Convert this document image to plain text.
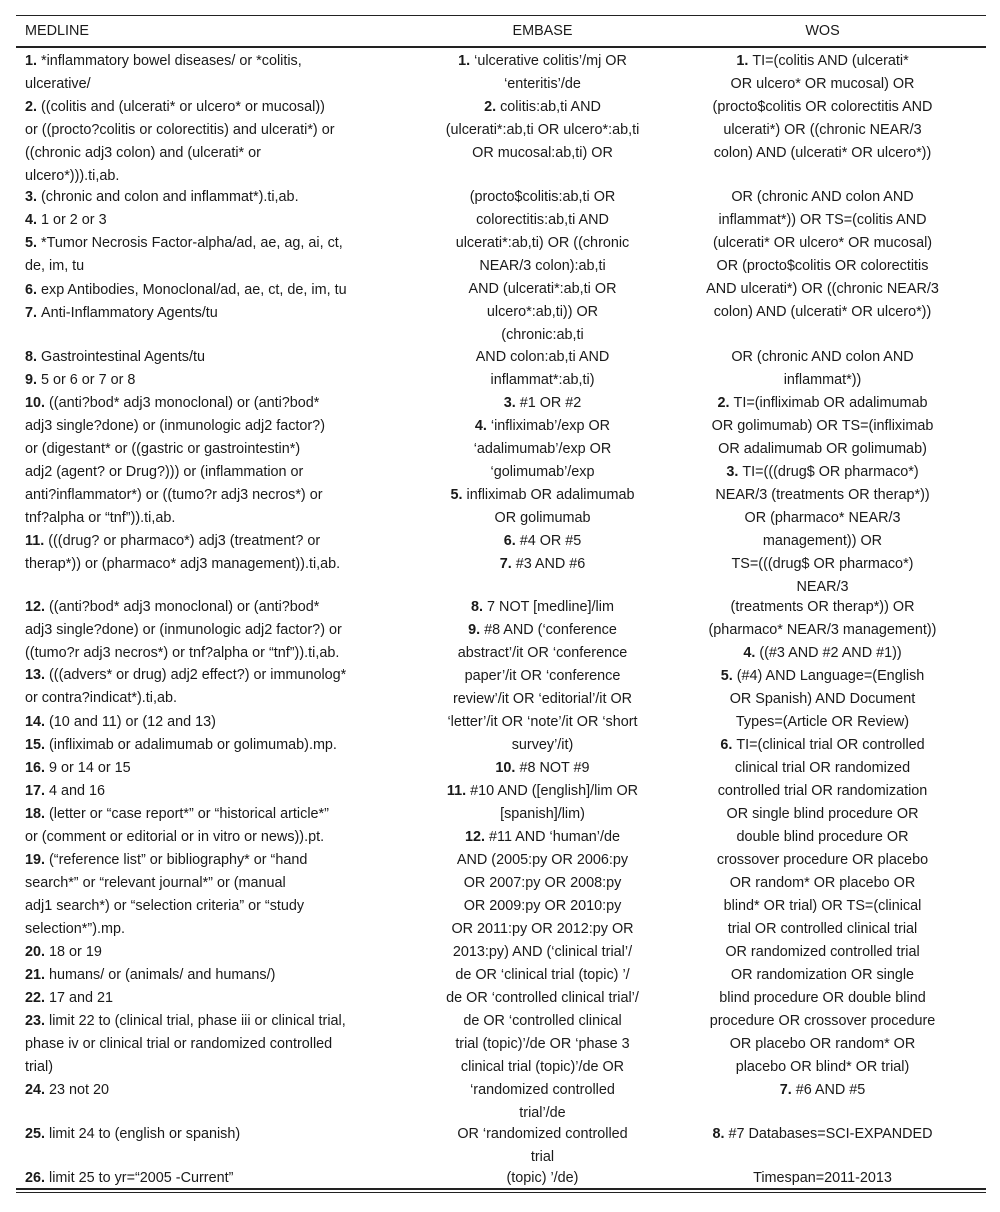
MEDLINE	EMBASE	WOS
1. *inflammatory bowel diseases/ or *colitis,
ulcerative/
2. ((colitis and (ulcerati* or ulcero* or mucosal))
or ((procto?colitis or colorectitis) and ulcerati*) or
((chronic adj3 colon) and (ulcerati* or
ulcero*))).ti,ab.
3. (chronic and colon and inflammat*).ti,ab.
4. 1 or 2 or 3
5. *Tumor Necrosis Factor-alpha/ad, ae, ag, ai, ct,
de, im, tu
6. exp Antibodies, Monoclonal/ad, ae, ct, de, im, tu
7. Anti-Inflammatory Agents/tu
8. Gastrointestinal Agents/tu
9. 5 or 6 or 7 or 8
10. ((anti?bod* adj3 monoclonal) or (anti?bod*
adj3 single?done) or (inmunologic adj2 factor?)
or (digestant* or ((gastric or gastrointestin*)
adj2 (agent? or Drug?))) or (inflammation or
anti?inflammator*) or ((tumo?r adj3 necros*) or
tnf?alpha or “tnf”)).ti,ab.
11. (((drug? or pharmaco*) adj3 (treatment? or
therap*)) or (pharmaco* adj3 management)).ti,ab.
12. ((anti?bod* adj3 monoclonal) or (anti?bod*
adj3 single?done) or (inmunologic adj2 factor?) or
((tumo?r adj3 necros*) or tnf?alpha or “tnf”)).ti,ab.
13. (((advers* or drug) adj2 effect?) or immunolog*
or contra?indicat*).ti,ab.
14. (10 and 11) or (12 and 13)
15. (infliximab or adalimumab or golimumab).mp.
16. 9 or 14 or 15
17. 4 and 16
18. (letter or “case report*” or “historical article*”
or (comment or editorial or in vitro or news)).pt.
19. (“reference list” or bibliography* or “hand
search*” or “relevant journal*” or (manual
adj1 search*) or “selection criteria” or “study
selection*”).mp.
20. 18 or 19
21. humans/ or (animals/ and humans/)
22. 17 and 21
23. limit 22 to (clinical trial, phase iii or clinical trial,
phase iv or clinical trial or randomized controlled
trial)
24. 23 not 20
25. limit 24 to (english or spanish)
26. limit 25 to yr=“2005 -Current”
1. ‘ulcerative colitis’/mj OR
‘enteritis’/de
2. colitis:ab,ti AND
(ulcerati*:ab,ti OR ulcero*:ab,ti
OR mucosal:ab,ti) OR
(procto$colitis:ab,ti OR
colorectitis:ab,ti AND
ulcerati*:ab,ti) OR ((chronic
NEAR/3 colon):ab,ti
AND (ulcerati*:ab,ti OR
ulcero*:ab,ti)) OR
(chronic:ab,ti
AND colon:ab,ti AND
inflammat*:ab,ti)
3. #1 OR #2
4. ‘infliximab’/exp OR
‘adalimumab’/exp OR
‘golimumab’/exp
5. infliximab OR adalimumab
OR golimumab
6. #4 OR #5
7. #3 AND #6
8. 7 NOT [medline]/lim
9. #8 AND (‘conference
abstract’/it OR ‘conference
paper’/it OR ‘conference
review’/it OR ‘editorial’/it OR
‘letter’/it OR ‘note’/it OR ‘short
survey’/it)
10. #8 NOT #9
11. #10 AND ([english]/lim OR
[spanish]/lim)
12. #11 AND ‘human’/de
AND (2005:py OR 2006:py
OR 2007:py OR 2008:py
OR 2009:py OR 2010:py
OR 2011:py OR 2012:py OR
2013:py) AND (‘clinical trial’/
de OR ‘clinical trial (topic) ’/
de OR ‘controlled clinical trial’/
de OR ‘controlled clinical
trial (topic)’/de OR ‘phase 3
clinical trial (topic)’/de OR
‘randomized controlled
trial’/de
OR ‘randomized controlled
trial
(topic) ’/de)
1. TI=(colitis AND (ulcerati*
OR ulcero* OR mucosal) OR
(procto$colitis OR colorectitis AND
ulcerati*) OR ((chronic NEAR/3
colon) AND (ulcerati* OR ulcero*))
OR (chronic AND colon AND
inflammat*)) OR TS=(colitis AND
(ulcerati* OR ulcero* OR mucosal)
OR (procto$colitis OR colorectitis
AND ulcerati*) OR ((chronic NEAR/3
colon) AND (ulcerati* OR ulcero*))
OR (chronic AND colon AND
inflammat*))
2. TI=(infliximab OR adalimumab
OR golimumab) OR TS=(infliximab
OR adalimumab OR golimumab)
3. TI=(((drug$ OR pharmaco*)
NEAR/3 (treatments OR therap*))
OR (pharmaco* NEAR/3
management)) OR
TS=(((drug$ OR pharmaco*)
NEAR/3
(treatments OR therap*)) OR
(pharmaco* NEAR/3 management))
4. ((#3 AND #2 AND #1))
5. (#4) AND Language=(English
OR Spanish) AND Document
Types=(Article OR Review)
6. TI=(clinical trial OR controlled
clinical trial OR randomized
controlled trial OR randomization
OR single blind procedure OR
double blind procedure OR
crossover procedure OR placebo
OR random* OR placebo OR
blind* OR trial) OR TS=(clinical
trial OR controlled clinical trial
OR randomized controlled trial
OR randomization OR single
blind procedure OR double blind
procedure OR crossover procedure
OR placebo OR random* OR
placebo OR blind* OR trial)
7. #6 AND #5
8. #7 Databases=SCI-EXPANDED
Timespan=2011-2013
